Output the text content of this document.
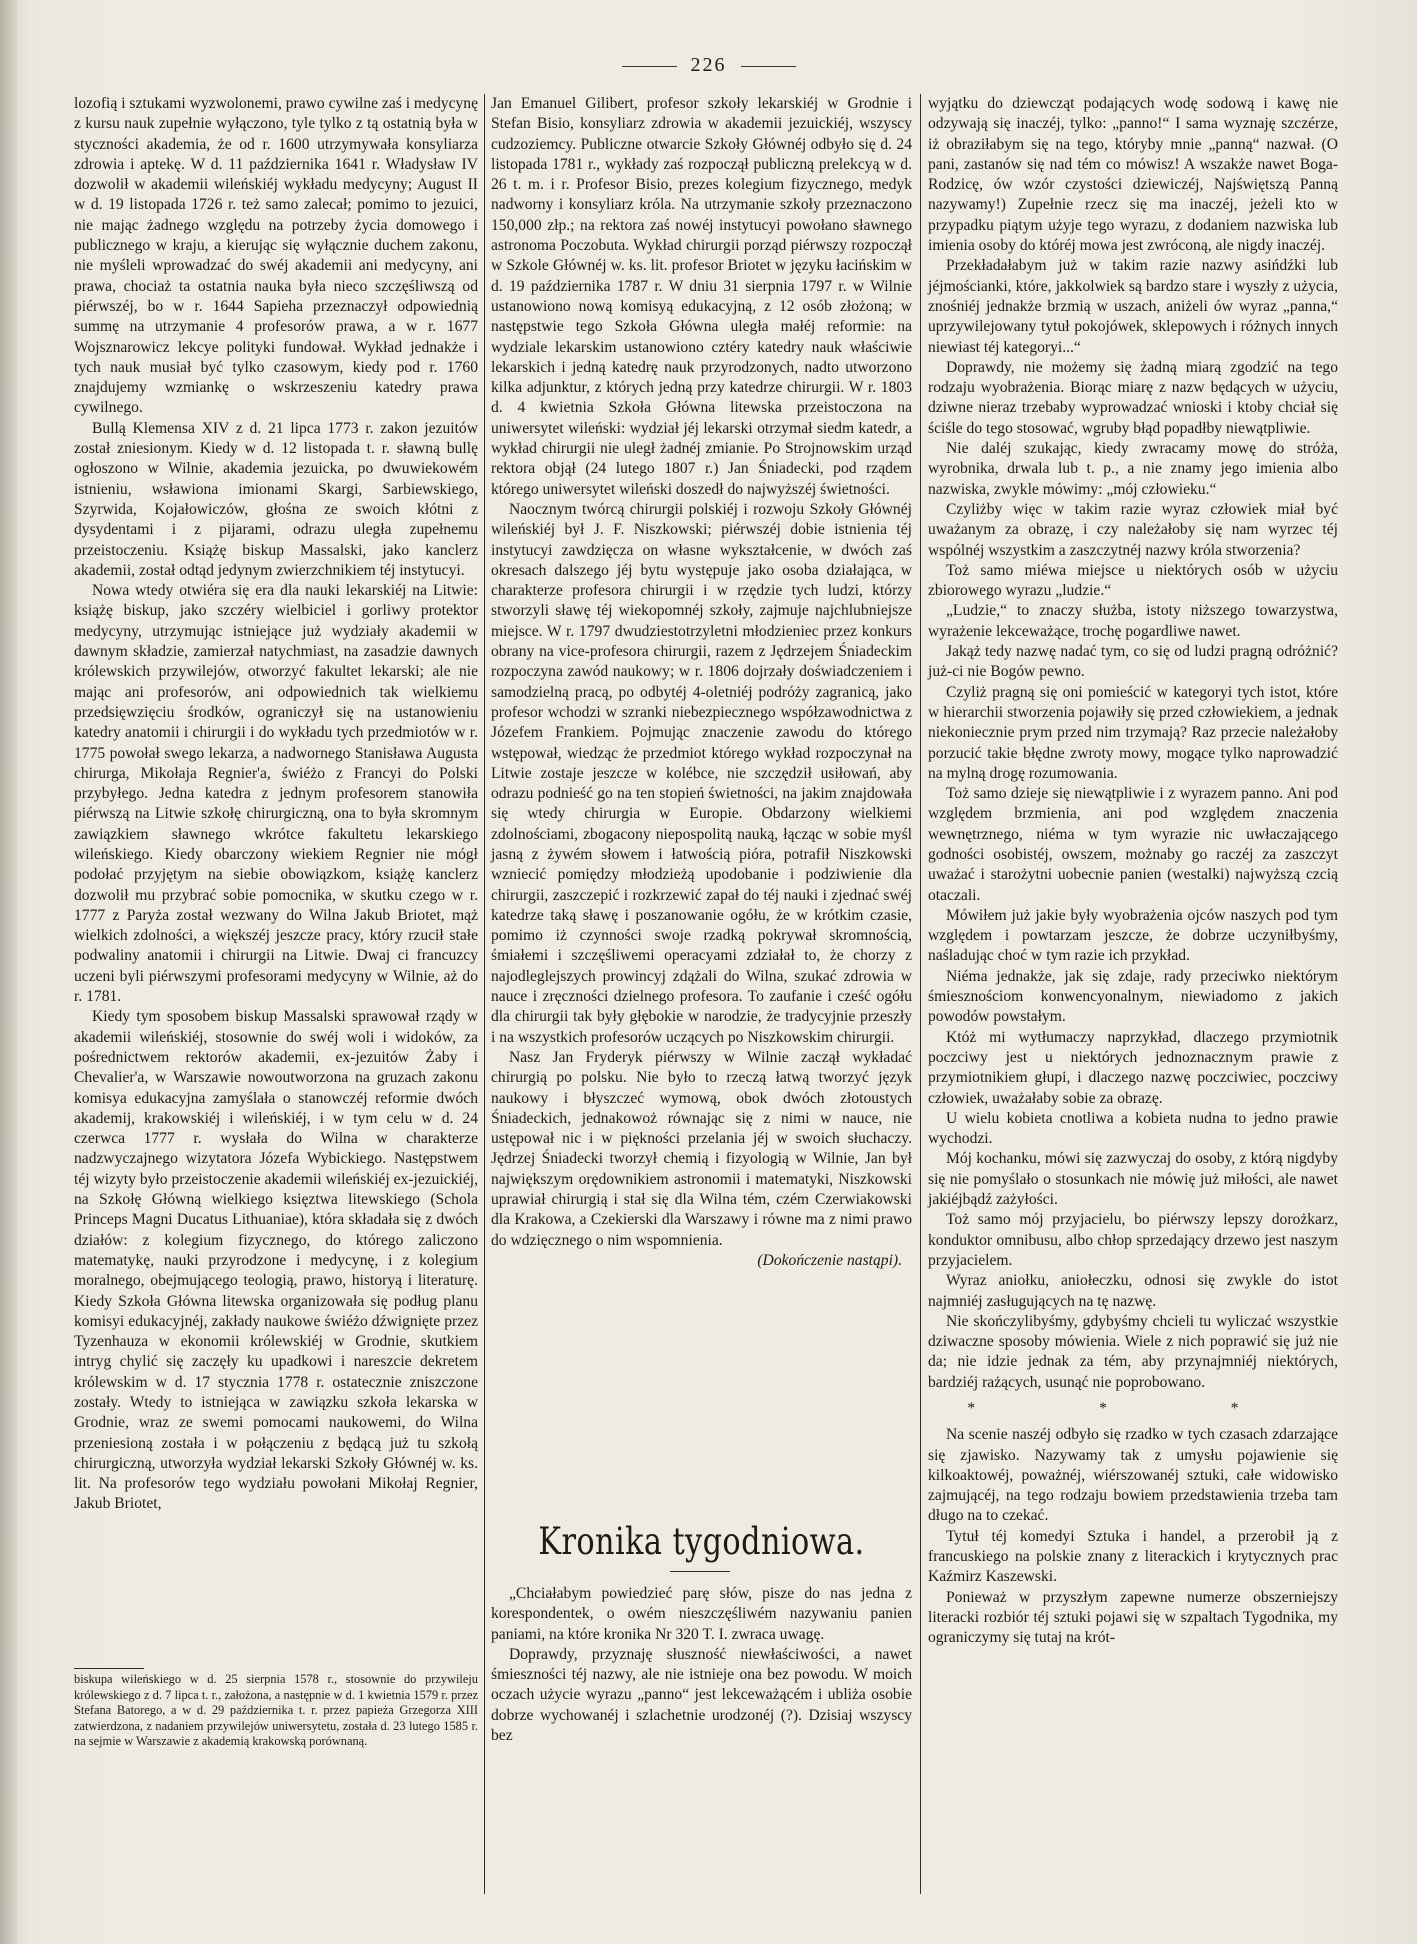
226

lozofią i sztukami wyzwolonemi, prawo cywilne zaś i medycynę z kursu nauk zupełnie wyłączono, tyle tylko z tą ostatnią była w styczności akademia, że od r. 1600 utrzymywała konsyliarza zdrowia i aptekę. W d. 11 października 1641 r. Władysław IV dozwolił w akademii wileńskiéj wykładu medycyny; August II w d. 19 listopada 1726 r. też samo zalecał; pomimo to jezuici, nie mając żadnego względu na potrzeby życia domowego i publicznego w kraju, a kierując się wyłącznie duchem zakonu, nie myśleli wprowadzać do swéj akademii ani medycyny, ani prawa, chociaż ta ostatnia nauka była nieco szczęśliwszą od piérwszéj, bo w r. 1644 Sapieha przeznaczył odpowiednią summę na utrzymanie 4 profesorów prawa, a w r. 1677 Wojsznarowicz lekcye polityki fundował. Wykład jednakże i tych nauk musiał być tylko czasowym, kiedy pod r. 1760 znajdujemy wzmiankę o wskrzeszeniu katedry prawa cywilnego.

Bullą Klemensa XIV z d. 21 lipca 1773 r. zakon jezuitów został zniesionym. Kiedy w d. 12 listopada t. r. sławną bullę ogłoszono w Wilnie, akademia jezuicka, po dwuwiekowém istnieniu, wsławiona imionami Skargi, Sarbiewskiego, Szyrwida, Kojałowiczów, głośna ze swoich kłótni z dysydentami i z pijarami, odrazu uległa zupełnemu przeistoczeniu. Książę biskup Massalski, jako kanclerz akademii, został odtąd jedynym zwierzchnikiem téj instytucyi.

Nowa wtedy otwiéra się era dla nauki lekarskiéj na Litwie: książę biskup, jako szczéry wielbiciel i gorliwy protektor medycyny, utrzymując istniejące już wydziały akademii w dawnym składzie, zamierzał natychmiast, na zasadzie dawnych królewskich przywilejów, otworzyć fakultet lekarski; ale nie mając ani profesorów, ani odpowiednich tak wielkiemu przedsięwzięciu środków, ograniczył się na ustanowieniu katedry anatomii i chirurgii i do wykładu tych przedmiotów w r. 1775 powołał swego lekarza, a nadwornego Stanisława Augusta chirurga, Mikołaja Regnier'a, świéżo z Francyi do Polski przybyłego. Jedna katedra z jednym profesorem stanowiła piérwszą na Litwie szkołę chirurgiczną, ona to była skromnym zawiązkiem sławnego wkrótce fakultetu lekarskiego wileńskiego. Kiedy obarczony wiekiem Regnier nie mógł podołać przyjętym na siebie obowiązkom, książę kanclerz dozwolił mu przybrać sobie pomocnika, w skutku czego w r. 1777 z Paryża został wezwany do Wilna Jakub Briotet, mąż wielkich zdolności, a większéj jeszcze pracy, który rzucił stałe podwaliny anatomii i chirurgii na Litwie. Dwaj ci francuzcy uczeni byli piérwszymi profesorami medycyny w Wilnie, aż do r. 1781.

Kiedy tym sposobem biskup Massalski sprawował rządy w akademii wileńskiéj, stosownie do swéj woli i widoków, za pośrednictwem rektorów akademii, ex-jezuitów Żaby i Chevalier'a, w Warszawie nowoutworzona na gruzach zakonu komisya edukacyjna zamyślała o stanowczéj reformie dwóch akademij, krakowskiéj i wileńskiéj, i w tym celu w d. 24 czerwca 1777 r. wysłała do Wilna w charakterze nadzwyczajnego wizytatora Józefa Wybickiego. Następstwem téj wizyty było przeistoczenie akademii wileńskiéj ex-jezuickiéj, na Szkołę Główną wielkiego księztwa litewskiego (Schola Princeps Magni Ducatus Lithuaniae), która składała się z dwóch działów: z kolegium fizycznego, do którego zaliczono matematykę, nauki przyrodzone i medycynę, i z kolegium moralnego, obejmującego teologią, prawo, historyą i literaturę. Kiedy Szkoła Główna litewska organizowała się podług planu komisyi edukacyjnéj, zakłady naukowe świéżo dźwignięte przez Tyzenhauza w ekonomii królewskiéj w Grodnie, skutkiem intryg chylić się zaczęły ku upadkowi i nareszcie dekretem królewskim w d. 17 stycznia 1778 r. ostatecznie zniszczone zostały. Wtedy to istniejąca w zawiązku szkoła lekarska w Grodnie, wraz ze swemi pomocami naukowemi, do Wilna przeniesioną została i w połączeniu z będącą już tu szkołą chirurgiczną, utworzyła wydział lekarski Szkoły Głównéj w. ks. lit. Na profesorów tego wydziału powołani Mikołaj Regnier, Jakub Briotet,

biskupa wileńskiego w d. 25 sierpnia 1578 r., stosownie do przywileju królewskiego z d. 7 lipca t. r., założona, a następnie w d. 1 kwietnia 1579 r. przez Stefana Batorego, a w d. 29 października t. r. przez papieża Grzegorza XIII zatwierdzona, z nadaniem przywilejów uniwersytetu, została d. 23 lutego 1585 r. na sejmie w Warszawie z akademią krakowską porównaną.

Jan Emanuel Gilibert, profesor szkoły lekarskiéj w Grodnie i Stefan Bisio, konsyliarz zdrowia w akademii jezuickiéj, wszyscy cudzoziemcy. Publiczne otwarcie Szkoły Głównéj odbyło się d. 24 listopada 1781 r., wykłady zaś rozpoczął publiczną prelekcyą w d. 26 t. m. i r. Profesor Bisio, prezes kolegium fizycznego, medyk nadworny i konsyliarz króla. Na utrzymanie szkoły przeznaczono 150,000 złp.; na rektora zaś nowéj instytucyi powołano sławnego astronoma Poczobuta. Wykład chirurgii porząd piérwszy rozpoczął w Szkole Głównéj w. ks. lit. profesor Briotet w języku łacińskim w d. 19 października 1787 r. W dniu 31 sierpnia 1797 r. w Wilnie ustanowiono nową komisyą edukacyjną, z 12 osób złożoną; w następstwie tego Szkoła Główna uległa małéj reformie: na wydziale lekarskim ustanowiono cztéry katedry nauk właściwie lekarskich i jedną katedrę nauk przyrodzonych, nadto utworzono kilka adjunktur, z których jedną przy katedrze chirurgii. W r. 1803 d. 4 kwietnia Szkoła Główna litewska przeistoczona na uniwersytet wileński: wydział jéj lekarski otrzymał siedm katedr, a wykład chirurgii nie uległ żadnéj zmianie. Po Strojnowskim urząd rektora objął (24 lutego 1807 r.) Jan Śniadecki, pod rządem którego uniwersytet wileński doszedł do najwyższéj świetności.

Naocznym twórcą chirurgii polskiéj i rozwoju Szkoły Głównéj wileńskiéj był J. F. Niszkowski; piérwszéj dobie istnienia téj instytucyi zawdzięcza on własne wykształcenie, w dwóch zaś okresach dalszego jéj bytu występuje jako osoba działająca, w charakterze profesora chirurgii i w rzędzie tych ludzi, którzy stworzyli sławę téj wiekopomnéj szkoły, zajmuje najchlubniejsze miejsce. W r. 1797 dwudziestotrzyletni młodzieniec przez konkurs obrany na vice-profesora chirurgii, razem z Jędrzejem Śniadeckim rozpoczyna zawód naukowy; w r. 1806 dojrzały doświadczeniem i samodzielną pracą, po odbytéj 4-oletniéj podróży zagranicą, jako profesor wchodzi w szranki niebezpiecznego współzawodnictwa z Józefem Frankiem. Pojmując znaczenie zawodu do którego wstępował, wiedząc że przedmiot którego wykład rozpoczynał na Litwie zostaje jeszcze w kolébce, nie szczędził usiłowań, aby odrazu podnieść go na ten stopień świetności, na jakim znajdowała się wtedy chirurgia w Europie. Obdarzony wielkiemi zdolnościami, zbogacony niepospolitą nauką, łącząc w sobie myśl jasną z żywém słowem i łatwością pióra, potrafił Niszkowski wzniecić pomiędzy młodzieżą upodobanie i podziwienie dla chirurgii, zaszczepić i rozkrzewić zapał do téj nauki i zjednać swéj katedrze taką sławę i poszanowanie ogółu, że w krótkim czasie, pomimo iż czynności swoje rzadką pokrywał skromnością, śmiałemi i szczęśliwemi operacyami zdziałał to, że chorzy z najodleglejszych prowincyj zdążali do Wilna, szukać zdrowia w nauce i zręczności dzielnego profesora. To zaufanie i cześć ogółu dla chirurgii tak były głębokie w narodzie, że tradycyjnie przeszły i na wszystkich profesorów uczących po Niszkowskim chirurgii.

Nasz Jan Fryderyk piérwszy w Wilnie zaczął wykładać chirurgią po polsku. Nie było to rzeczą łatwą tworzyć język naukowy i błyszczeć wymową, obok dwóch złotoustych Śniadeckich, jednakowoż równając się z nimi w nauce, nie ustępował nic i w piękności przelania jéj w swoich słuchaczy. Jędrzej Śniadecki tworzył chemią i fizyologią w Wilnie, Jan był największym orędownikiem astronomii i matematyki, Niszkowski uprawiał chirurgią i stał się dla Wilna tém, czém Czerwiakowski dla Krakowa, a Czekierski dla Warszawy i równe ma z nimi prawo do wdzięcznego o nim wspomnienia.

(Dokończenie nastąpi).

Kronika tygodniowa.

„Chciałabym powiedzieć parę słów, pisze do nas jedna z korespondentek, o owém nieszczęśliwém nazywaniu panien paniami, na które kronika Nr 320 T. I. zwraca uwagę.

Doprawdy, przyznaję słuszność niewłaściwości, a nawet śmieszności téj nazwy, ale nie istnieje ona bez powodu. W moich oczach użycie wyrazu „panno“ jest lekceważącém i ubliża osobie dobrze wychowanéj i szlachetnie urodzonéj (?). Dzisiaj wszyscy bez

wyjątku do dziewcząt podających wodę sodową i kawę nie odzywają się inaczéj, tylko: „panno!“ I sama wyznaję szczérze, iż obraziłabym się na tego, któryby mnie „panną“ nazwał. (O pani, zastanów się nad tém co mówisz! A wszakże nawet Boga-Rodzicę, ów wzór czystości dziewiczéj, Najświętszą Panną nazywamy!) Zupełnie rzecz się ma inaczéj, jeżeli kto w przypadku piątym użyje tego wyrazu, z dodaniem nazwiska lub imienia osoby do któréj mowa jest zwróconą, ale nigdy inaczéj.

Przekładałabym już w takim razie nazwy asińdźki lub jéjmościanki, które, jakkolwiek są bardzo stare i wyszły z użycia, znośniéj jednakże brzmią w uszach, aniżeli ów wyraz „panna,“ uprzywilejowany tytuł pokojówek, sklepowych i różnych innych niewiast téj kategoryi...“

Doprawdy, nie możemy się żadną miarą zgodzić na tego rodzaju wyobrażenia. Biorąc miarę z nazw będących w użyciu, dziwne nieraz trzebaby wyprowadzać wnioski i ktoby chciał się ściśle do tego stosować, wgruby błąd popadłby niewątpliwie.

Nie daléj szukając, kiedy zwracamy mowę do stróża, wyrobnika, drwala lub t. p., a nie znamy jego imienia albo nazwiska, zwykle mówimy: „mój człowieku.“

Czyliżby więc w takim razie wyraz człowiek miał być uważanym za obrazę, i czy należałoby się nam wyrzec téj wspólnéj wszystkim a zaszczytnéj nazwy króla stworzenia?

Toż samo miéwa miejsce u niektórych osób w użyciu zbiorowego wyrazu „ludzie.“

„Ludzie,“ to znaczy służba, istoty niższego towarzystwa, wyrażenie lekceważące, trochę pogardliwe nawet.

Jakąż tedy nazwę nadać tym, co się od ludzi pragną odróżnić? już-ci nie Bogów pewno.

Czyliż pragną się oni pomieścić w kategoryi tych istot, które w hierarchii stworzenia pojawiły się przed człowiekiem, a jednak niekoniecznie prym przed nim trzymają? Raz przecie należałoby porzucić takie błędne zwroty mowy, mogące tylko naprowadzić na mylną drogę rozumowania.

Toż samo dzieje się niewątpliwie i z wyrazem panno. Ani pod względem brzmienia, ani pod względem znaczenia wewnętrznego, niéma w tym wyrazie nic uwłaczającego godności osobistéj, owszem, możnaby go raczéj za zaszczyt uważać i starożytni uobecnie panien (westalki) najwyższą czcią otaczali.

Mówiłem już jakie były wyobrażenia ojców naszych pod tym względem i powtarzam jeszcze, że dobrze uczyniłbyśmy, naśladując choć w tym razie ich przykład.

Niéma jednakże, jak się zdaje, rady przeciwko niektórym śmiesznościom konwencyonalnym, niewiadomo z jakich powodów powstałym.

Któż mi wytłumaczy naprzykład, dlaczego przymiotnik poczciwy jest u niektórych jednoznacznym prawie z przymiotnikiem głupi, i dlaczego nazwę poczciwiec, poczciwy człowiek, uważałaby sobie za obrazę.

U wielu kobieta cnotliwa a kobieta nudna to jedno prawie wychodzi.

Mój kochanku, mówi się zazwyczaj do osoby, z którą nigdyby się nie pomyślało o stosunkach nie mówię już miłości, ale nawet jakiéjbądź zażyłości.

Toż samo mój przyjacielu, bo piérwszy lepszy dorożkarz, konduktor omnibusu, albo chłop sprzedający drzewo jest naszym przyjacielem.

Wyraz aniołku, aniołeczku, odnosi się zwykle do istot najmniéj zasługujących na tę nazwę.

Nie skończylibyśmy, gdybyśmy chcieli tu wyliczać wszystkie dziwaczne sposoby mówienia. Wiele z nich poprawić się już nie da; nie idzie jednak za tém, aby przynajmniéj niektórych, bardziéj rażących, usunąć nie poprobowano.

* * *

Na scenie naszéj odbyło się rzadko w tych czasach zdarzające się zjawisko. Nazywamy tak z umysłu pojawienie się kilkoaktowéj, poważnéj, wiérszowanéj sztuki, całe widowisko zajmującéj, na tego rodzaju bowiem przedstawienia trzeba tam długo na to czekać.

Tytuł téj komedyi Sztuka i handel, a przerobił ją z francuskiego na polskie znany z literackich i krytycznych prac Kaźmirz Kaszewski.

Ponieważ w przyszłym zapewne numerze obszerniejszy literacki rozbiór téj sztuki pojawi się w szpaltach Tygodnika, my ograniczymy się tutaj na krót-
